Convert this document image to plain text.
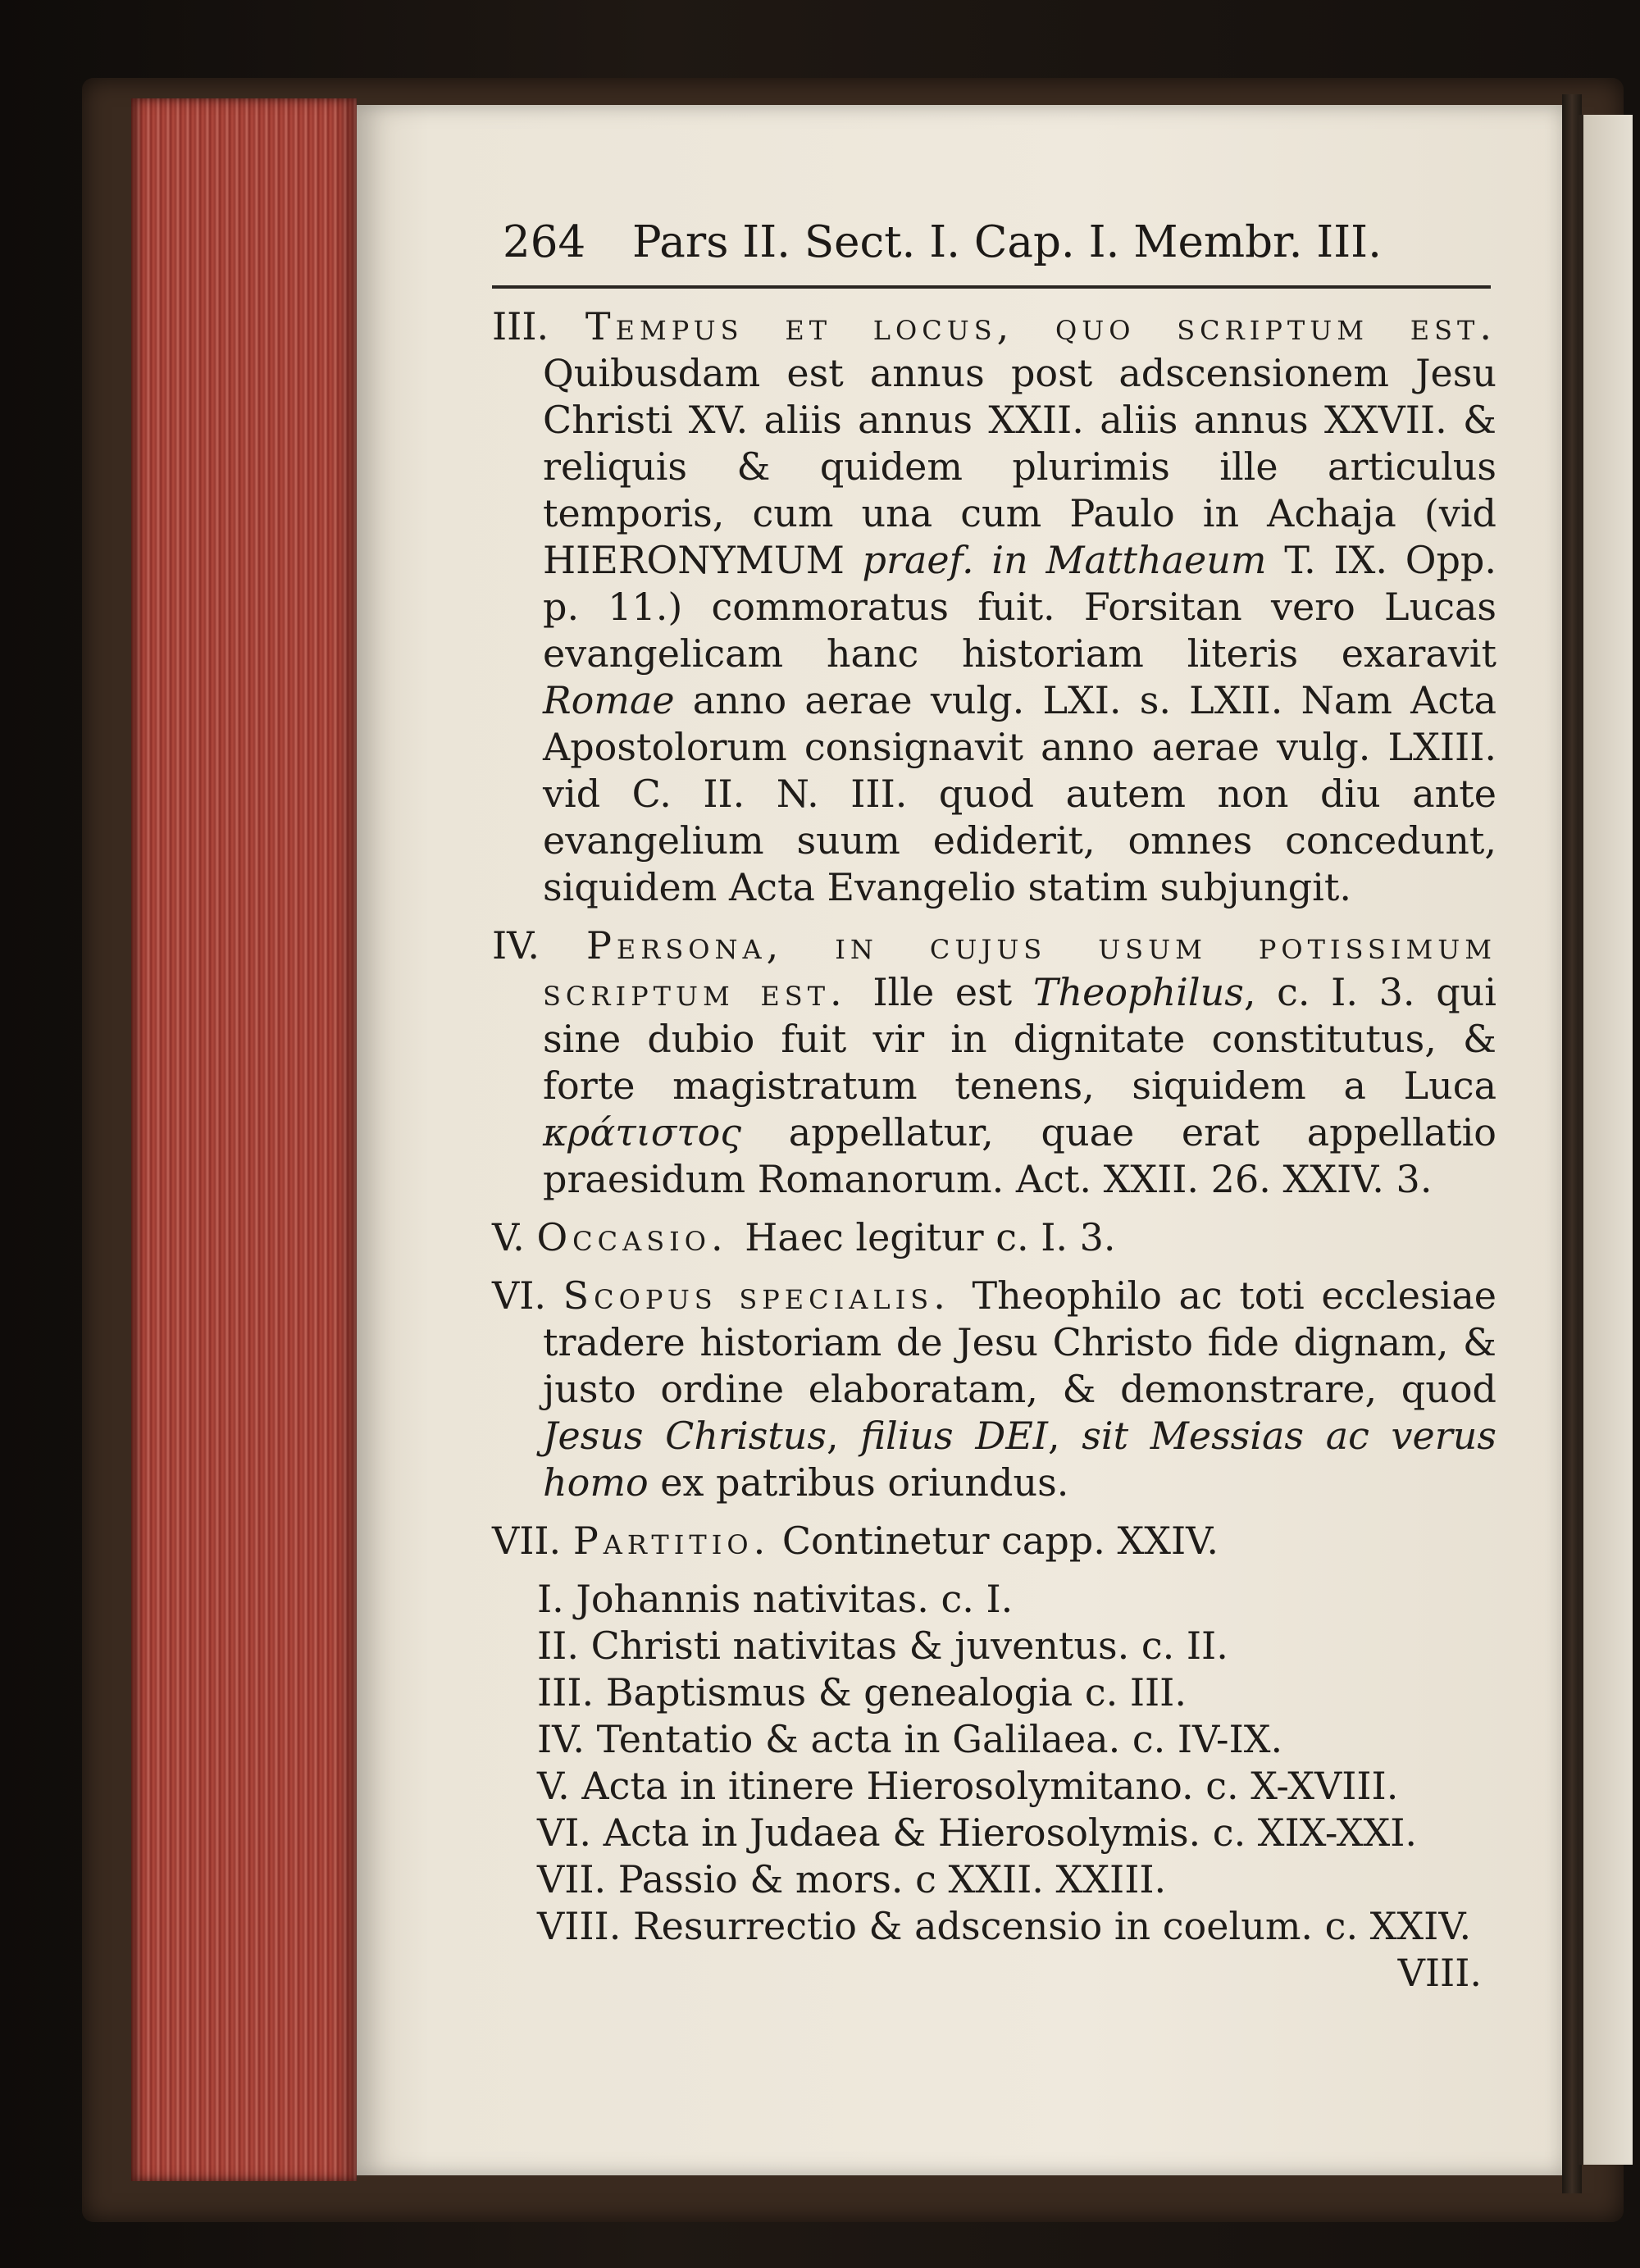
264 Pars II. Sect. I. Cap. I. Membr. III.
III. Tempus et locus, quo scriptum est. Quibusdam est annus post adscensionem Jesu Christi XV. aliis annus XXII. aliis annus XXVII. & reliquis & quidem plurimis ille articulus temporis, cum una cum Paulo in Achaja (vid HIERONYMUM praef. in Matthaeum T. IX. Opp. p. 11.) commoratus fuit. Forsitan vero Lucas evangelicam hanc historiam literis exaravit Romae anno aerae vulg. LXI. s. LXII. Nam Acta Apostolorum consignavit anno aerae vulg. LXIII. vid C. II. N. III. quod autem non diu ante evangelium suum ediderit, omnes concedunt, siquidem Acta Evangelio statim subjungit.
IV. Persona, in cujus usum potissimum scriptum est. Ille est Theophilus, c. I. 3. qui sine dubio fuit vir in dignitate constitutus, & forte magistratum tenens, siquidem a Luca κράτιστος appellatur, quae erat appellatio praesidum Romanorum. Act. XXII. 26. XXIV. 3.
V. Occasio. Haec legitur c. I. 3.
VI. Scopus specialis. Theophilo ac toti ecclesiae tradere historiam de Jesu Christo fide dignam, & justo ordine elaboratam, & demonstrare, quod Jesus Christus, filius DEI, sit Messias ac verus homo ex patribus oriundus.
VII. Partitio. Continetur capp. XXIV.
I. Johannis nativitas. c. I.
II. Christi nativitas & juventus. c. II.
III. Baptismus & genealogia c. III.
IV. Tentatio & acta in Galilaea. c. IV-IX.
V. Acta in itinere Hierosolymitano. c. X-XVIII.
VI. Acta in Judaea & Hierosolymis. c. XIX-XXI.
VII. Passio & mors. c XXII. XXIII.
VIII. Resurrectio & adscensio in coelum. c. XXIV.
VIII.
